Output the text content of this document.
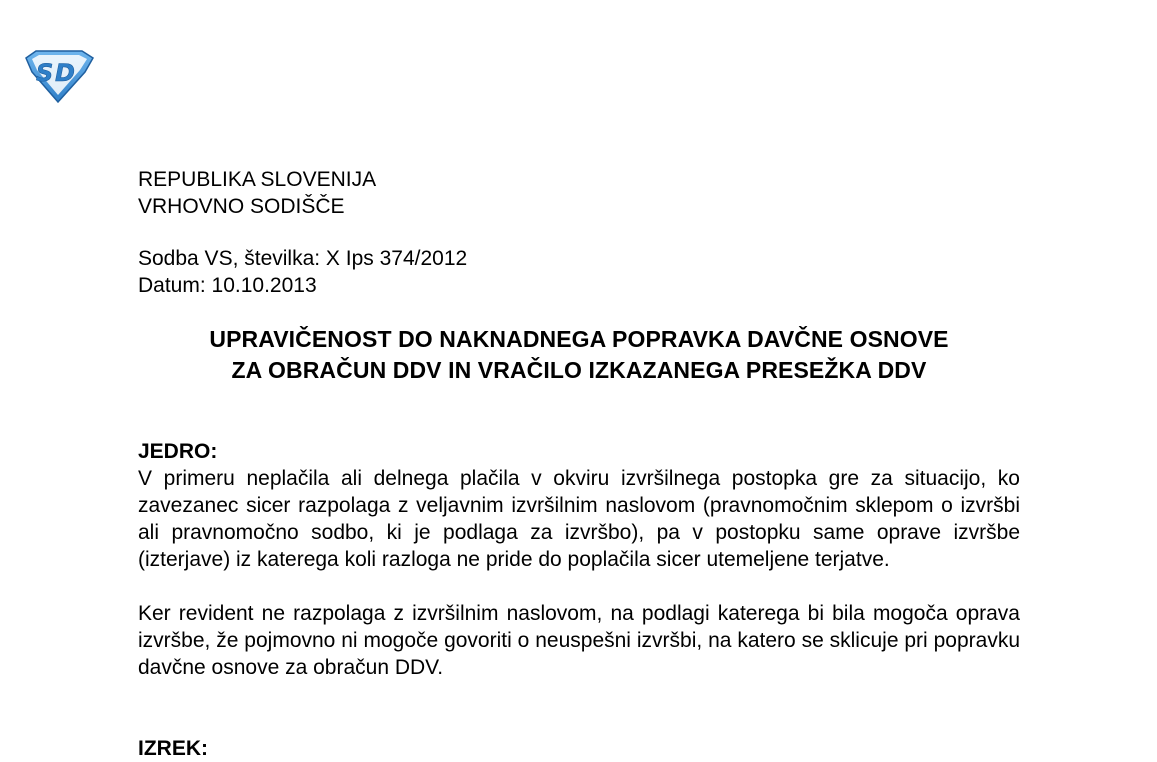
S D

REPUBLIKA SLOVENIJA

VRHOVNO SODIŠČE

Sodba VS, številka: X Ips 374/2012

Datum: 10.10.2013

UPRAVIČENOST DO NAKNADNEGA POPRAVKA DAVČNE OSNOVE

ZA OBRAČUN DDV IN VRAČILO IZKAZANEGA PRESEŽKA DDV

JEDRO:

V primeru neplačila ali delnega plačila v okviru izvršilnega postopka gre za situacijo, ko zavezanec sicer razpolaga z veljavnim izvršilnim naslovom (pravnomočnim sklepom o izvršbi ali pravnomočno sodbo, ki je podlaga za izvršbo), pa v postopku same oprave izvršbe (izterjave) iz katerega koli razloga ne pride do poplačila sicer utemeljene terjatve.

Ker revident ne razpolaga z izvršilnim naslovom, na podlagi katerega bi bila mogoča oprava izvršbe, že pojmovno ni mogoče govoriti o neuspešni izvršbi, na katero se sklicuje pri popravku davčne osnove za obračun DDV.

IZREK:
